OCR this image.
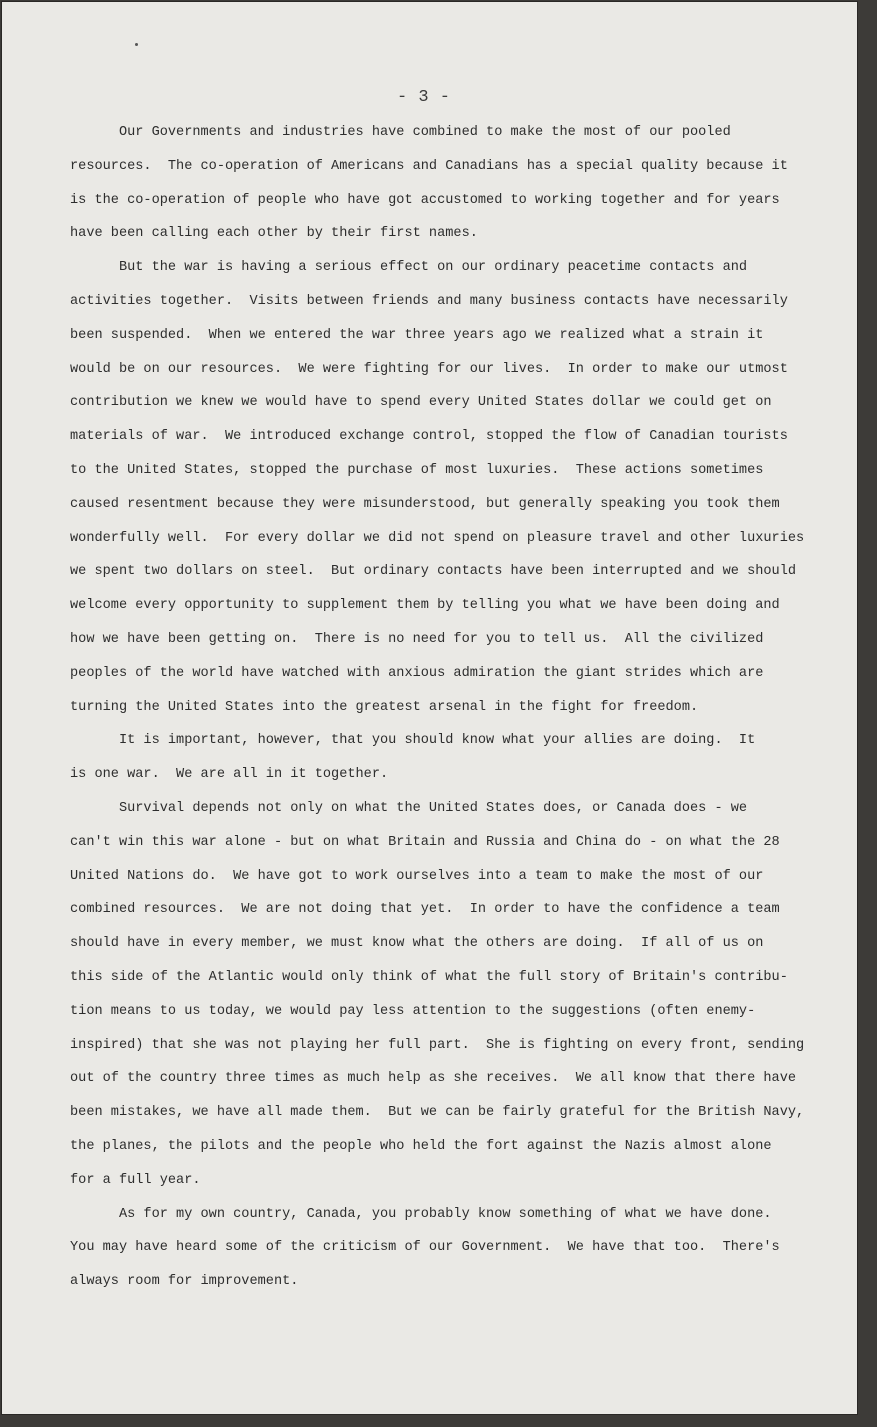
- 3 -
Our Governments and industries have combined to make the most of our pooled
resources.  The co-operation of Americans and Canadians has a special quality because it
is the co-operation of people who have got accustomed to working together and for years
have been calling each other by their first names.
But the war is having a serious effect on our ordinary peacetime contacts and
activities together.  Visits between friends and many business contacts have necessarily
been suspended.  When we entered the war three years ago we realized what a strain it
would be on our resources.  We were fighting for our lives.  In order to make our utmost
contribution we knew we would have to spend every United States dollar we could get on
materials of war.  We introduced exchange control, stopped the flow of Canadian tourists
to the United States, stopped the purchase of most luxuries.  These actions sometimes
caused resentment because they were misunderstood, but generally speaking you took them
wonderfully well.  For every dollar we did not spend on pleasure travel and other luxuries
we spent two dollars on steel.  But ordinary contacts have been interrupted and we should
welcome every opportunity to supplement them by telling you what we have been doing and
how we have been getting on.  There is no need for you to tell us.  All the civilized
peoples of the world have watched with anxious admiration the giant strides which are
turning the United States into the greatest arsenal in the fight for freedom.
It is important, however, that you should know what your allies are doing.  It
is one war.  We are all in it together.
Survival depends not only on what the United States does, or Canada does - we
can't win this war alone - but on what Britain and Russia and China do - on what the 28
United Nations do.  We have got to work ourselves into a team to make the most of our
combined resources.  We are not doing that yet.  In order to have the confidence a team
should have in every member, we must know what the others are doing.  If all of us on
this side of the Atlantic would only think of what the full story of Britain's contribu-
tion means to us today, we would pay less attention to the suggestions (often enemy-
inspired) that she was not playing her full part.  She is fighting on every front, sending
out of the country three times as much help as she receives.  We all know that there have
been mistakes, we have all made them.  But we can be fairly grateful for the British Navy,
the planes, the pilots and the people who held the fort against the Nazis almost alone
for a full year.
As for my own country, Canada, you probably know something of what we have done.
You may have heard some of the criticism of our Government.  We have that too.  There's
always room for improvement.
